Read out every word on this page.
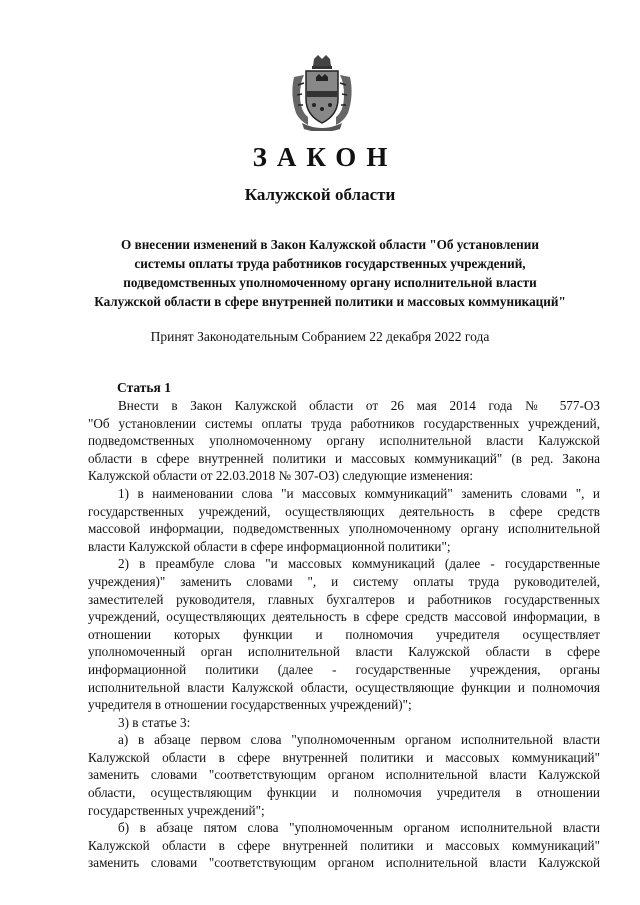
ЗАКОН
Калужской области
О внесении изменений в Закон Калужской области "Об установлении
системы оплаты труда работников государственных учреждений,
подведомственных уполномоченному органу исполнительной власти
Калужской области в сфере внутренней политики и массовых коммуникаций"
Принят Законодательным Собранием 22 декабря 2022 года
Статья 1
Внести в Закон Калужской области от 26 мая 2014 года № 577-ОЗ
"Об установлении системы оплаты труда работников государственных учреждений,
подведомственных уполномоченному органу исполнительной власти Калужской
области в сфере внутренней политики и массовых коммуникаций" (в ред. Закона
Калужской области от 22.03.2018 № 307-ОЗ) следующие изменения:
1) в наименовании слова "и массовых коммуникаций" заменить словами ", и
государственных учреждений, осуществляющих деятельность в сфере средств
массовой информации, подведомственных уполномоченному органу исполнительной
власти Калужской области в сфере информационной политики";
2) в преамбуле слова "и массовых коммуникаций (далее - государственные
учреждения)" заменить словами ", и систему оплаты труда руководителей,
заместителей руководителя, главных бухгалтеров и работников государственных
учреждений, осуществляющих деятельность в сфере средств массовой информации, в
отношении которых функции и полномочия учредителя осуществляет
уполномоченный орган исполнительной власти Калужской области в сфере
информационной политики (далее - государственные учреждения, органы
исполнительной власти Калужской области, осуществляющие функции и полномочия
учредителя в отношении государственных учреждений)";
3) в статье 3:
а) в абзаце первом слова "уполномоченным органом исполнительной власти
Калужской области в сфере внутренней политики и массовых коммуникаций"
заменить словами "соответствующим органом исполнительной власти Калужской
области, осуществляющим функции и полномочия учредителя в отношении
государственных учреждений";
б) в абзаце пятом слова "уполномоченным органом исполнительной власти
Калужской области в сфере внутренней политики и массовых коммуникаций"
заменить словами "соответствующим органом исполнительной власти Калужской
